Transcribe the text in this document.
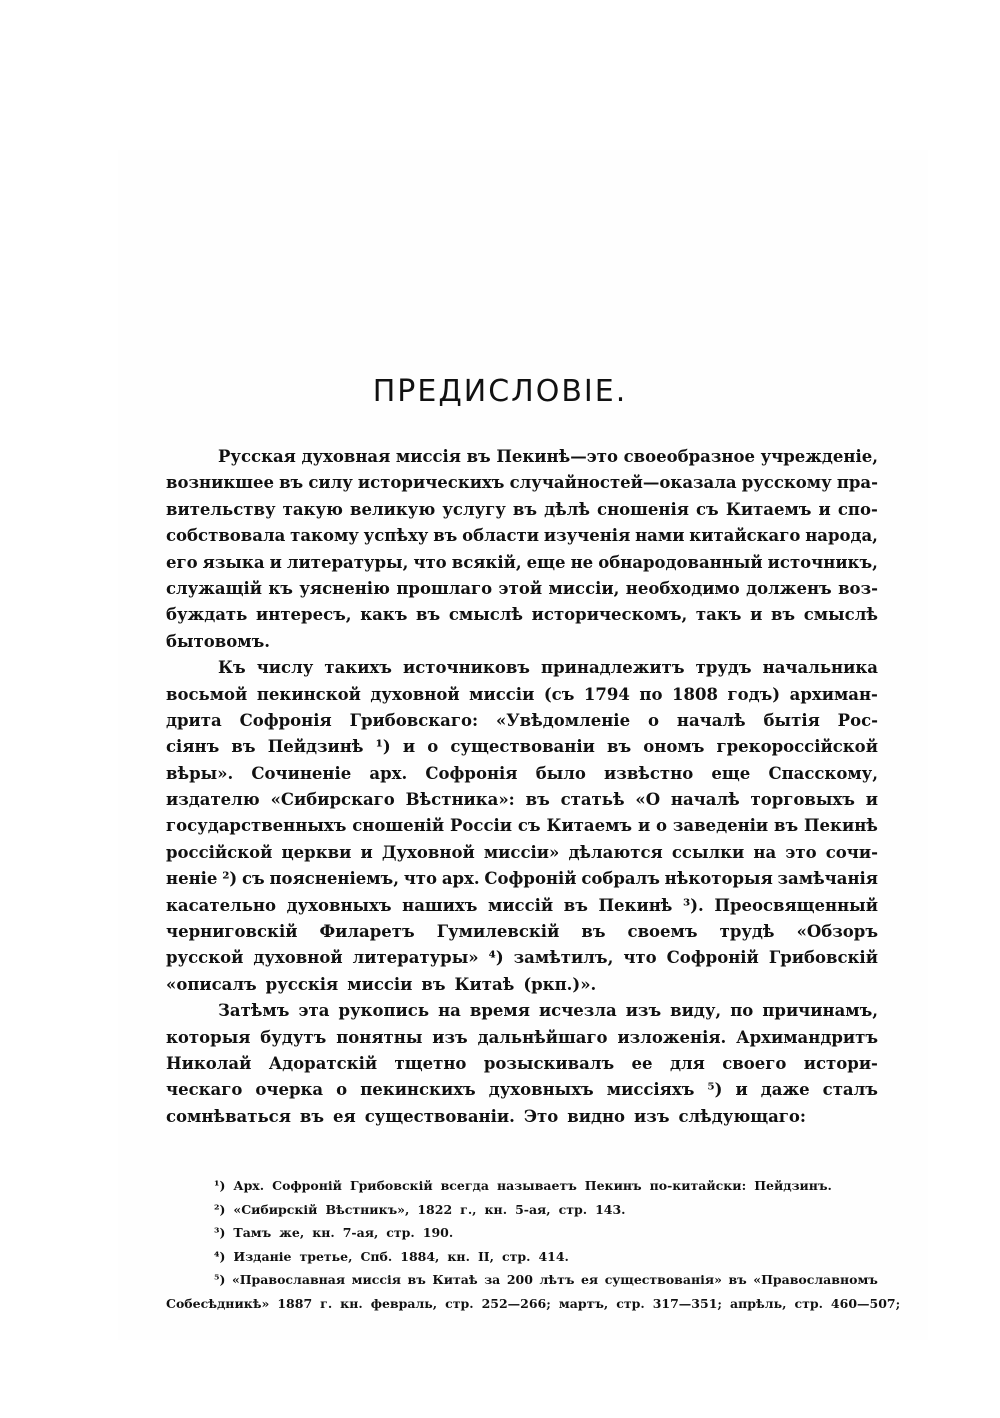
ПРЕДИСЛОВІЕ.
Русская духовная миссія въ Пекинѣ—это своеобразное учрежденіе,
возникшее въ силу историческихъ случайностей—оказала русскому пра-
вительству такую великую услугу въ дѣлѣ сношенія съ Китаемъ и спо-
собствовала такому успѣху въ области изученія нами китайскаго народа,
его языка и литературы, что всякій, еще не обнародованный источникъ,
служащій къ уясненію прошлаго этой миссіи, необходимо долженъ воз-
буждать интересъ, какъ въ смыслѣ историческомъ, такъ и въ смыслѣ
бытовомъ.
Къ числу такихъ источниковъ принадлежитъ трудъ начальника
восьмой пекинской духовной миссіи (съ 1794 по 1808 годъ) архиман-
дрита Софронія Грибовскаго: «Увѣдомленіе о началѣ бытія Рос-
сіянъ въ Пейдзинѣ ¹) и о существованіи въ ономъ грекороссійской
вѣры». Сочиненіе арх. Софронія было извѣстно еще Спасскому,
издателю «Сибирскаго Вѣстника»: въ статьѣ «О началѣ торговыхъ и
государственныхъ сношеній Россіи съ Китаемъ и о заведеніи въ Пекинѣ
россійской церкви и Духовной миссіи» дѣлаются ссылки на это сочи-
неніе ²) съ поясненіемъ, что арх. Софроній собралъ нѣкоторыя замѣчанія
касательно духовныхъ нашихъ миссій въ Пекинѣ ³). Преосвященный
черниговскій Филаретъ Гумилевскій въ своемъ трудѣ «Обзоръ
русской духовной литературы» ⁴) замѣтилъ, что Софроній Грибовскій
«описалъ русскія миссіи въ Китаѣ (ркп.)».
Затѣмъ эта рукопись на время исчезла изъ виду, по причинамъ,
которыя будутъ понятны изъ дальнѣйшаго изложенія. Архимандритъ
Николай Адоратскій тщетно розыскивалъ ее для своего истори-
ческаго очерка о пекинскихъ духовныхъ миссіяхъ ⁵) и даже сталъ
сомнѣваться въ ея существованіи. Это видно изъ слѣдующаго:
¹) Арх. Софроній Грибовскій всегда называетъ Пекинъ по-китайски: Пейдзинъ.
²) «Сибирскій Вѣстникъ», 1822 г., кн. 5-ая, стр. 143.
³) Тамъ же, кн. 7-ая, стр. 190.
⁴) Изданіе третье, Спб. 1884, кн. II, стр. 414.
⁵) «Православная миссія въ Китаѣ за 200 лѣтъ ея существованія» въ «Православномъ
Собесѣдникѣ» 1887 г. кн. февраль, стр. 252—266; мартъ, стр. 317—351; апрѣль, стр. 460—507;
